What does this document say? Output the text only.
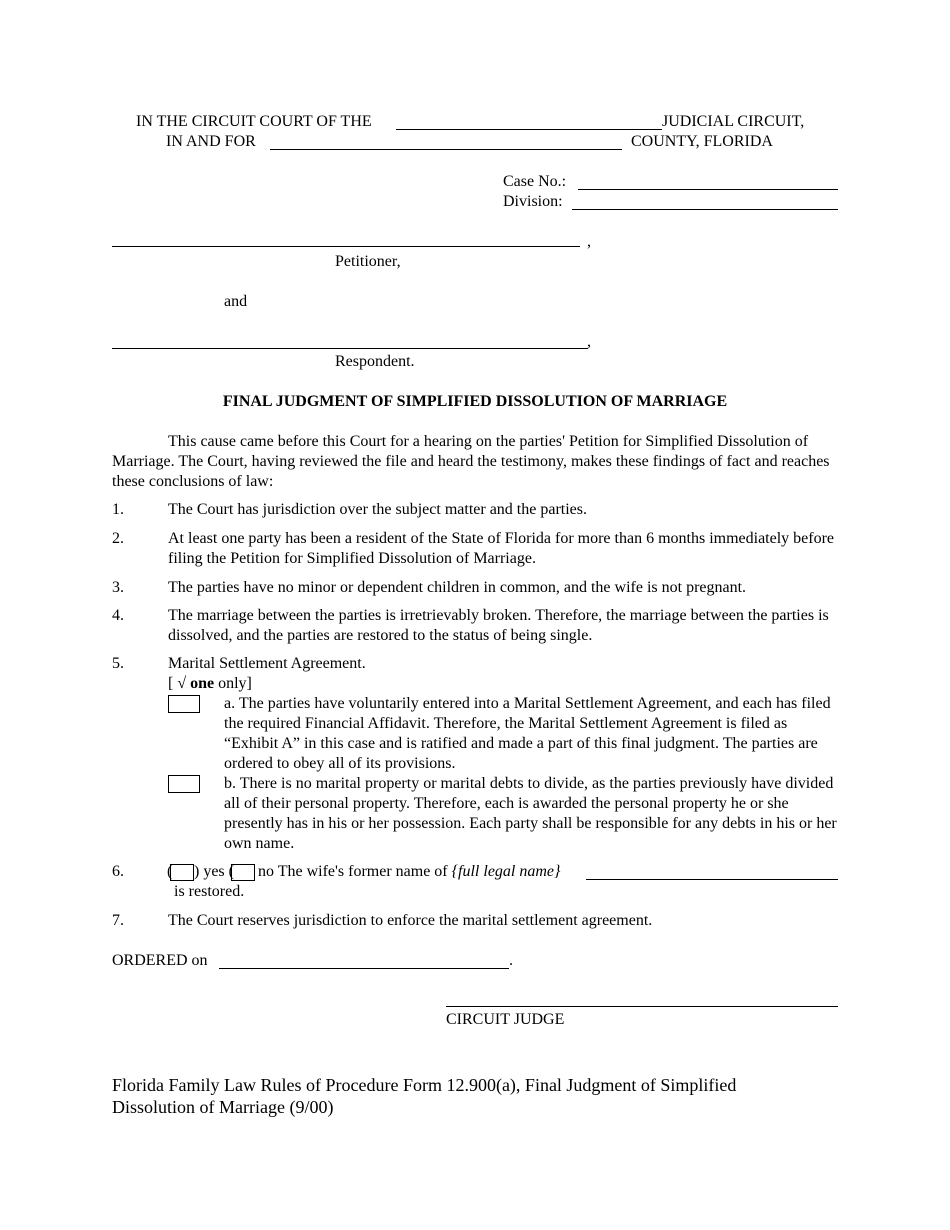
IN THE CIRCUIT COURT OF THE	JUDICIAL CIRCUIT,
IN AND FOR	COUNTY, FLORIDA
Case No.:
Division:
,
Petitioner,
and
,
Respondent.
FINAL JUDGMENT OF SIMPLIFIED DISSOLUTION OF MARRIAGE
This cause came before this Court for a hearing on the parties' Petition for Simplified Dissolution of Marriage. The Court, having reviewed the file and heard the testimony, makes these findings of fact and reaches these conclusions of law:
1.	The Court has jurisdiction over the subject matter and the parties.
2.	At least one party has been a resident of the State of Florida for more than 6 months immediately before filing the Petition for Simplified Dissolution of Marriage.
3.	The parties have no minor or dependent children in common, and the wife is not pregnant.
4.	The marriage between the parties is irretrievably broken. Therefore, the marriage between the parties is dissolved, and the parties are restored to the status of being single.
5.	Marital Settlement Agreement.
[ √ one only]
a. The parties have voluntarily entered into a Marital Settlement Agreement, and each has filed the required Financial Affidavit. Therefore, the Marital Settlement Agreement is filed as “Exhibit A” in this case and is ratified and made a part of this final judgment. The parties are ordered to obey all of its provisions.
b. There is no marital property or marital debts to divide, as the parties previously have divided all of their personal property. Therefore, each is awarded the personal property he or she presently has in his or her possession. Each party shall be responsible for any debts in his or her own name.
6.	( ) yes ( no The wife's former name of {full legal name}
is restored.
7.	The Court reserves jurisdiction to enforce the marital settlement agreement.
ORDERED on	.
CIRCUIT JUDGE
Florida Family Law Rules of Procedure Form 12.900(a), Final Judgment of Simplified Dissolution of Marriage (9/00)
